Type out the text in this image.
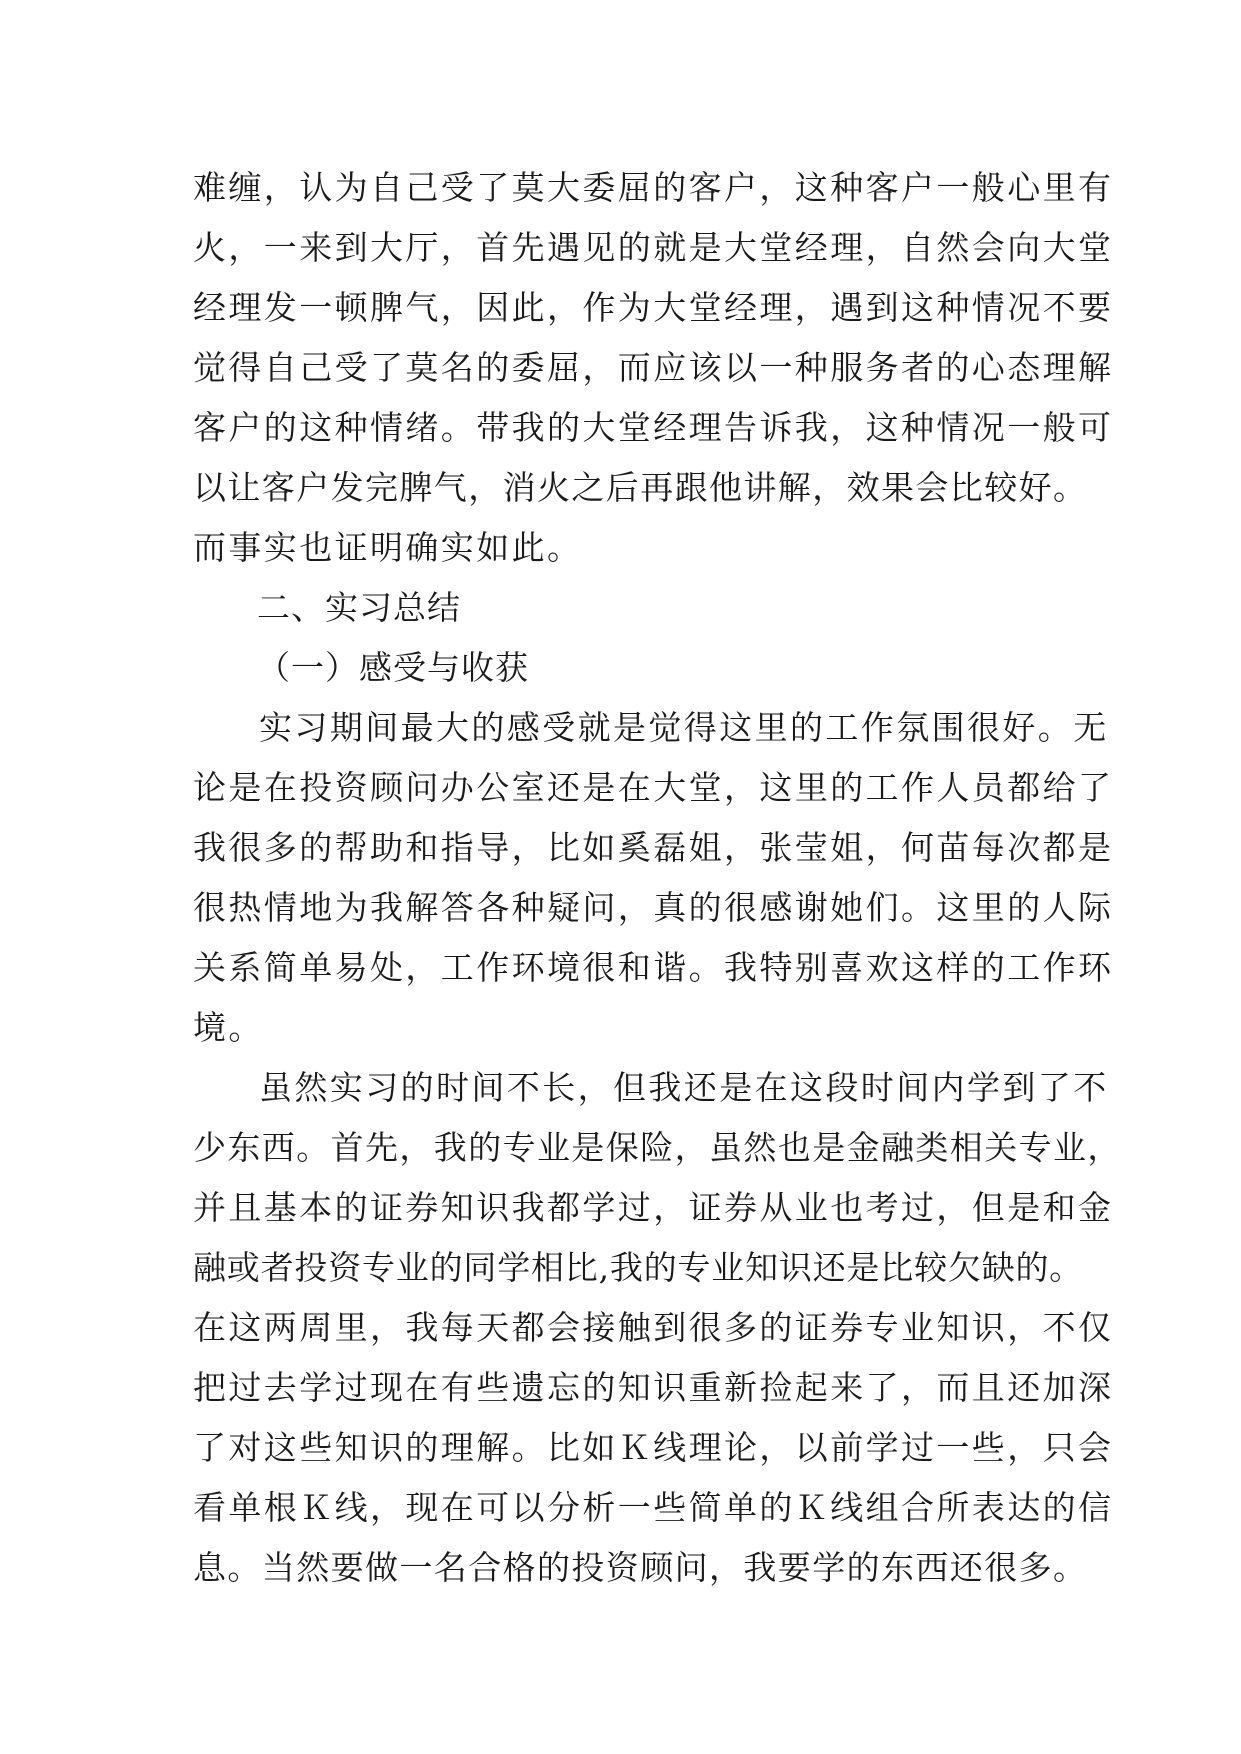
难缠，认为自己受了莫大委屈的客户，这种客户一般心里有
火，一来到大厅，首先遇见的就是大堂经理，自然会向大堂
经理发一顿脾气，因此，作为大堂经理，遇到这种情况不要
觉得自己受了莫名的委屈，而应该以一种服务者的心态理解
客户的这种情绪。带我的大堂经理告诉我，这种情况一般可
以让客户发完脾气，消火之后再跟他讲解，效果会比较好。
而事实也证明确实如此。
二、实习总结
（一）感受与收获
实习期间最大的感受就是觉得这里的工作氛围很好。无
论是在投资顾问办公室还是在大堂，这里的工作人员都给了
我很多的帮助和指导，比如奚磊姐，张莹姐，何苗每次都是
很热情地为我解答各种疑问，真的很感谢她们。这里的人际
关系简单易处，工作环境很和谐。我特别喜欢这样的工作环
境。
虽然实习的时间不长，但我还是在这段时间内学到了不
少东西。首先，我的专业是保险，虽然也是金融类相关专业，
并且基本的证券知识我都学过，证券从业也考过，但是和金
融或者投资专业的同学相比,我的专业知识还是比较欠缺的。
在这两周里，我每天都会接触到很多的证券专业知识，不仅
把过去学过现在有些遗忘的知识重新捡起来了，而且还加深
了对这些知识的理解。比如Ｋ线理论，以前学过一些，只会
看单根Ｋ线，现在可以分析一些简单的Ｋ线组合所表达的信
息。当然要做一名合格的投资顾问，我要学的东西还很多。
